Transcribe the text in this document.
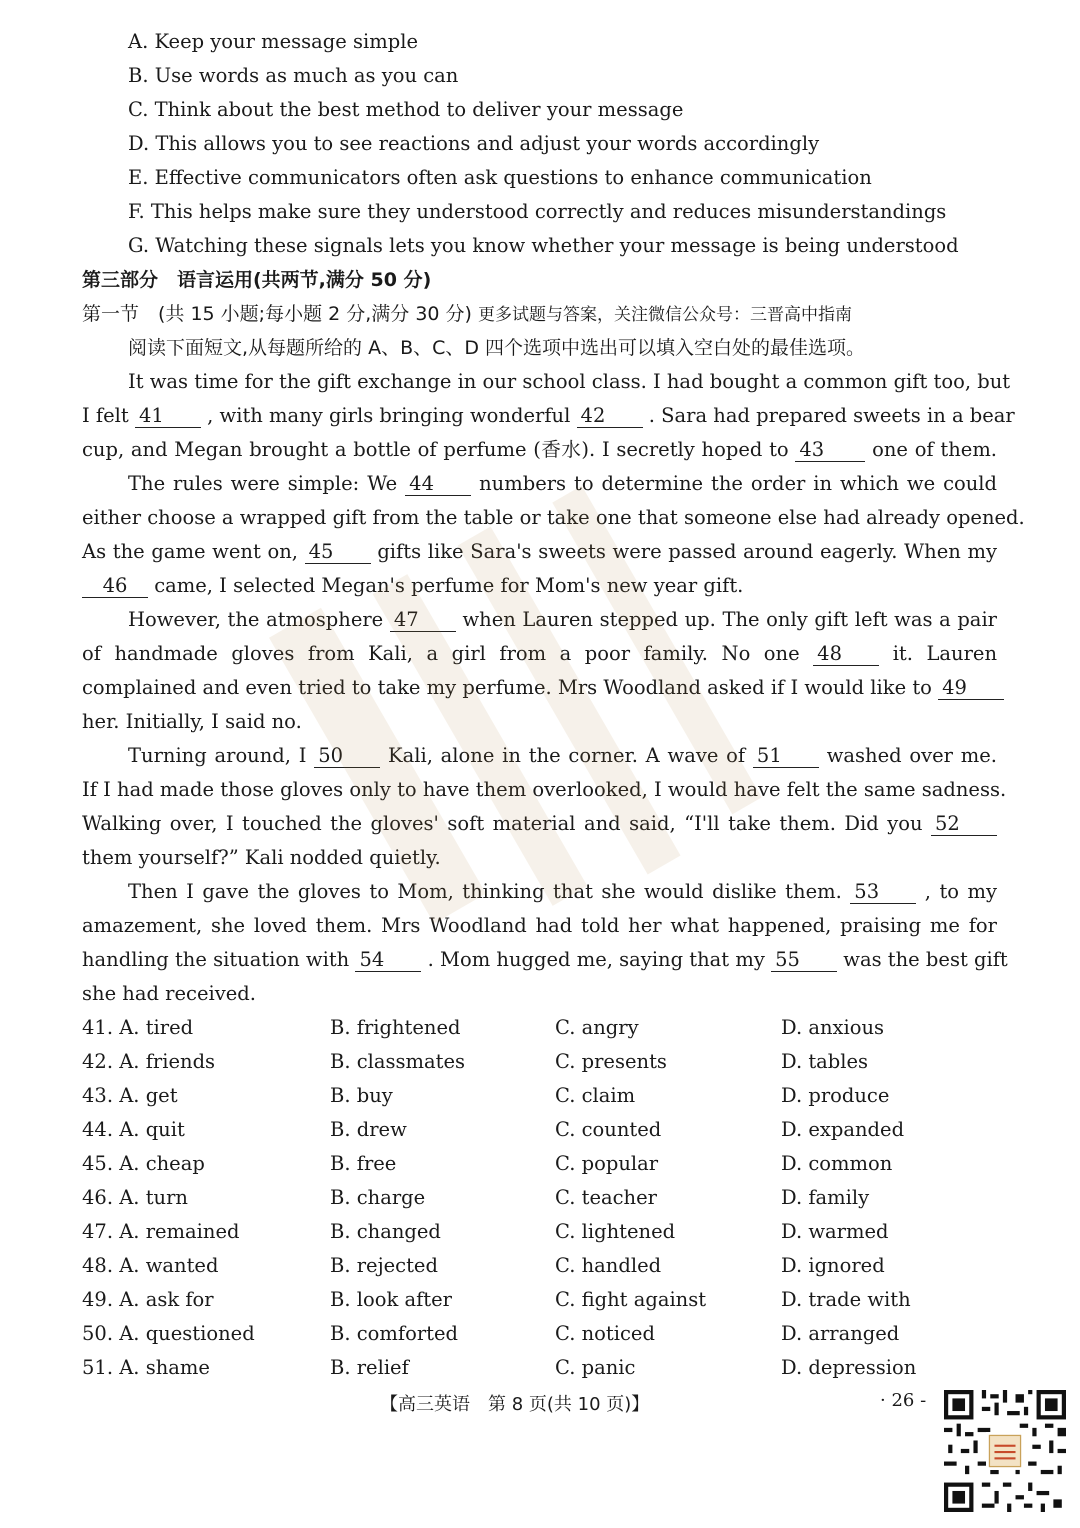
A. Keep your message simple
B. Use words as much as you can
C. Think about the best method to deliver your message
D. This allows you to see reactions and adjust your words accordingly
E. Effective communicators often ask questions to enhance communication
F. This helps make sure they understood correctly and reduces misunderstandings
G. Watching these signals lets you know whether your message is being understood
第三部分　语言运用(共两节,满分 50 分)
第一节　(共 15 小题;每小题 2 分,满分 30 分) 更多试题与答案，关注微信公众号：三晋高中指南
阅读下面短文,从每题所给的 A、B、C、D 四个选项中选出可以填入空白处的最佳选项。
It was time for the gift exchange in our school class. I had bought a common gift too, but
I felt 41 , with many girls bringing wonderful 42 . Sara had prepared sweets in a bear
cup, and Megan brought a bottle of perfume (香水). I secretly hoped to 43 one of them.
The rules were simple: We 44 numbers to determine the order in which we could
either choose a wrapped gift from the table or take one that someone else had already opened.
As the game went on, 45 gifts like Sara's sweets were passed around eagerly. When my
46 came, I selected Megan's perfume for Mom's new year gift.
However, the atmosphere 47 when Lauren stepped up. The only gift left was a pair
of handmade gloves from Kali, a girl from a poor family. No one 48	it. Lauren
complained and even tried to take my perfume. Mrs Woodland asked if I would like to 49
her. Initially, I said no.
Turning around, I 50 Kali, alone in the corner. A wave of 51 washed over me.
If I had made those gloves only to have them overlooked, I would have felt the same sadness.
Walking over, I touched the gloves' soft material and said, “I'll take them. Did you 52
them yourself?” Kali nodded quietly.
Then I gave the gloves to Mom, thinking that she would dislike them. 53 , to my
amazement, she loved them. Mrs Woodland had told her what happened, praising me for
handling the situation with 54 . Mom hugged me, saying that my 55 was the best gift
she had received.
41. A. tired	B. frightened	C. angry	D. anxious
42. A. friends	B. classmates	C. presents	D. tables
43. A. get	B. buy	C. claim	D. produce
44. A. quit	B. drew	C. counted	D. expanded
45. A. cheap	B. free	C. popular	D. common
46. A. turn	B. charge	C. teacher	D. family
47. A. remained	B. changed	C. lightened	D. warmed
48. A. wanted	B. rejected	C. handled	D. ignored
49. A. ask for	B. look after	C. fight against	D. trade with
50. A. questioned	B. comforted	C. noticed	D. arranged
51. A. shame	B. relief	C. panic	D. depression
【高三英语　第 8 页(共 10 页)】	· 26 -
